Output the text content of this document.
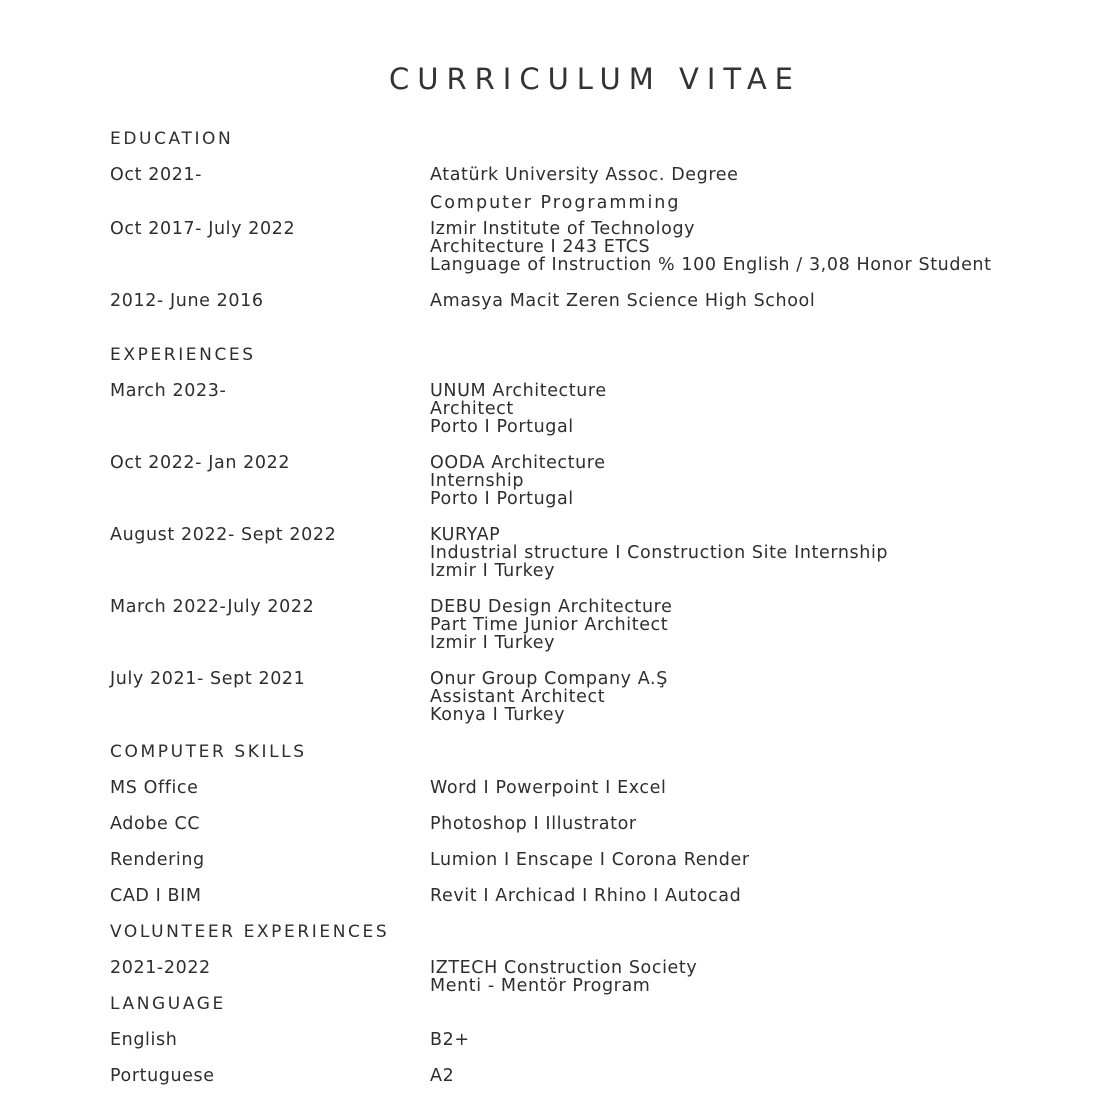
CURRICULUM VITAE
EDUCATION
Oct 2021-	Atatürk University Assoc. Degree
Computer Programming
Oct 2017- July 2022	Izmir Institute of Technology
Architecture I 243 ETCS
Language of Instruction % 100 English / 3,08 Honor Student
2012- June 2016	Amasya Macit Zeren Science High School
EXPERIENCES
March 2023-	UNUM Architecture
Architect
Porto I Portugal
Oct 2022- Jan 2022	OODA Architecture
Internship
Porto I Portugal
August 2022- Sept 2022	KURYAP
Industrial structure I Construction Site Internship
Izmir I Turkey
March 2022-July 2022	DEBU Design Architecture
Part Time Junior Architect
Izmir I Turkey
July 2021- Sept 2021	Onur Group Company A.Ş
Assistant Architect
Konya I Turkey
COMPUTER SKILLS
MS Office	Word I Powerpoint I Excel
Adobe CC	Photoshop I Illustrator
Rendering	Lumion I Enscape I Corona Render
CAD I BIM	Revit I Archicad I Rhino I Autocad
VOLUNTEER EXPERIENCES
2021-2022	IZTECH Construction Society
Menti - Mentör Program
LANGUAGE
English	B2+
Portuguese	A2
